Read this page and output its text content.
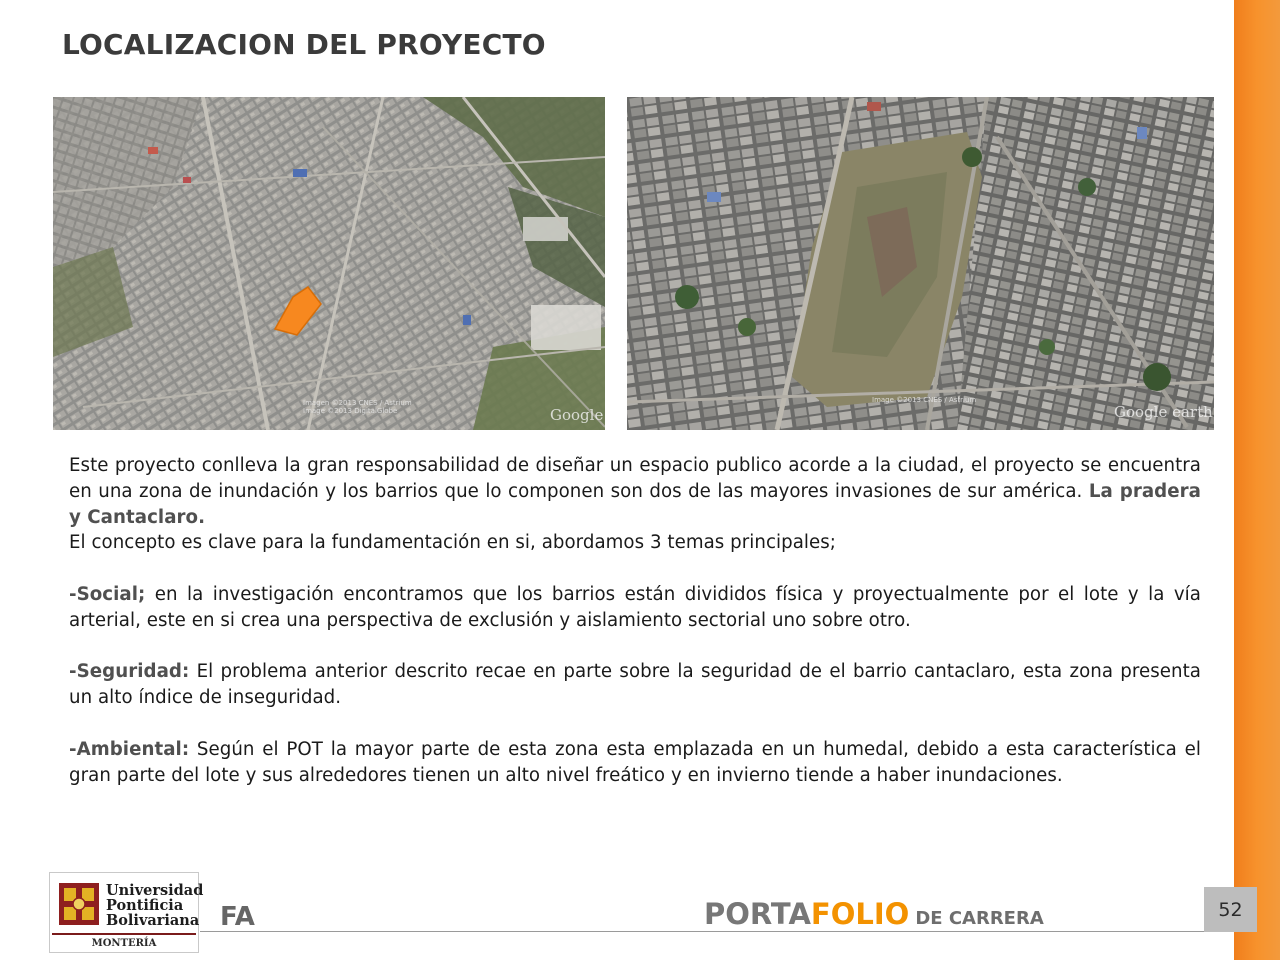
LOCALIZACION DEL PROYECTO
Imagen ©2013 CNES / Astrium
Image ©2013 DigitalGlobe	Google
Image ©2013 CNES / Astrium
Google earth

Este proyecto conlleva la gran responsabilidad de diseñar un espacio publico acorde a la ciudad, el proyecto se encuentra en una zona de inundación y los barrios que lo componen son dos de las mayores invasiones de sur américa. La pradera y Cantaclaro.

El concepto es clave para la fundamentación en si, abordamos 3 temas principales;

-Social; en la investigación encontramos que los barrios están divididos física y proyectualmente por el lote y la vía arterial, este en si crea una perspectiva de exclusión y aislamiento sectorial uno sobre otro.

-Seguridad: El problema anterior descrito recae en parte sobre la seguridad de el barrio cantaclaro, esta zona presenta un alto índice de inseguridad.

-Ambiental: Según el POT la mayor parte de esta zona esta emplazada en un humedal, debido a esta característica el gran parte del lote y sus alrededores tienen un alto nivel freático y en invierno tiende a haber inundaciones.

Universidad
Pontificia
Bolivariana
MONTERÍA
FA	PORTAFOLIO DE CARRERA	52
